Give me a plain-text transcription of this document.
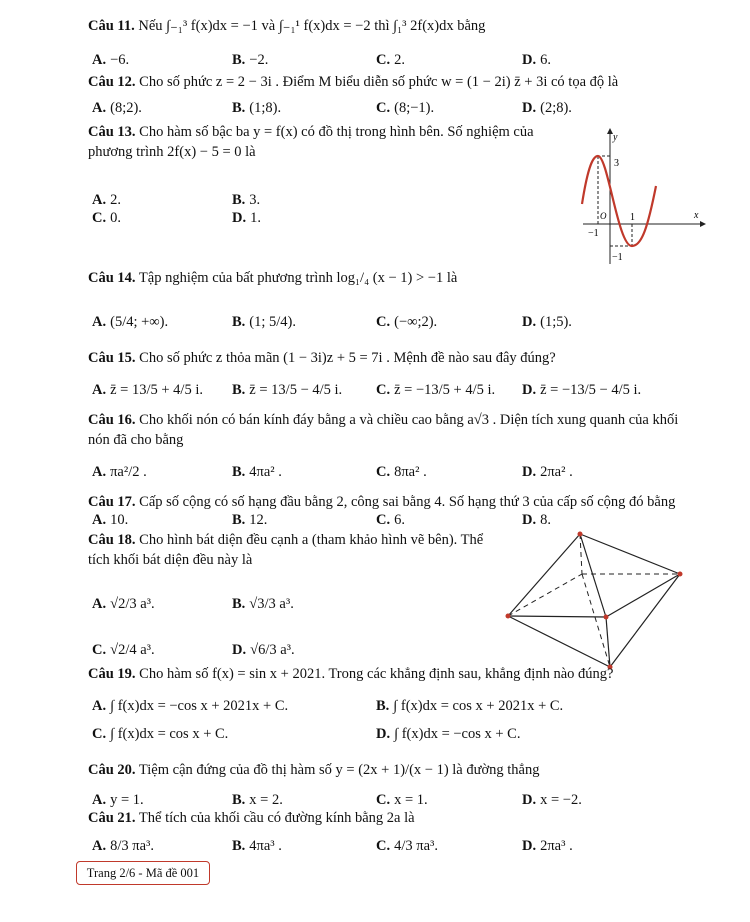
Câu 11. Nếu ∫₋₁³ f(x)dx = −1 và ∫₋₁¹ f(x)dx = −2 thì ∫₁³ 2f(x)dx bằng
A. −6.	B. −2.	C. 2.	D. 6.
Câu 12. Cho số phức z = 2 − 3i . Điểm M biểu diễn số phức w = (1 − 2i) z̄ + 3i có tọa độ là
A. (8;2).	B. (1;8).	C. (8;−1).	D. (2;8).
Câu 13. Cho hàm số bậc ba y = f(x) có đồ thị trong hình bên. Số nghiệm của phương trình 2f(x) − 5 = 0 là
A. 2.	B. 3.
C. 0.	D. 1.
y
x
O
3
1
−1
−1
Câu 14. Tập nghiệm của bất phương trình log₁/₄ (x − 1) > −1 là
A. (5/4; +∞).	B. (1; 5/4).	C. (−∞;2).	D. (1;5).
Câu 15. Cho số phức z thỏa mãn (1 − 3i)z + 5 = 7i . Mệnh đề nào sau đây đúng?
A. z̄ = 13/5 + 4/5 i. B. z̄ = 13/5 − 4/5 i. C. z̄ = −13/5 + 4/5 i. D. z̄ = −13/5 − 4/5 i.
Câu 16. Cho khối nón có bán kính đáy bằng a và chiều cao bằng a√3 . Diện tích xung quanh của khối nón đã cho bằng
A. πa²/2 .	B. 4πa² .	C. 8πa² .	D. 2πa² .
Câu 17. Cấp số cộng có số hạng đầu bằng 2, công sai bằng 4. Số hạng thứ 3 của cấp số cộng đó bằng
A. 10.	B. 12.	C. 6.	D. 8.
Câu 18. Cho hình bát diện đều cạnh a (tham khảo hình vẽ bên). Thể tích khối bát diện đều này là
A. √2/3 a³.	B. √3/3 a³.
C. √2/4 a³.	D. √6/3 a³.
Câu 19. Cho hàm số f(x) = sin x + 2021. Trong các khẳng định sau, khẳng định nào đúng?
A. ∫ f(x)dx = −cos x + 2021x + C.	B. ∫ f(x)dx = cos x + 2021x + C.
C. ∫ f(x)dx = cos x + C.	D. ∫ f(x)dx = −cos x + C.
Câu 20. Tiệm cận đứng của đồ thị hàm số y = (2x + 1)/(x − 1) là đường thẳng
A. y = 1.	B. x = 2.	C. x = 1.	D. x = −2.
Câu 21. Thể tích của khối cầu có đường kính bằng 2a là
A. 8/3 πa³.	B. 4πa³ .	C. 4/3 πa³.	D. 2πa³ .
Trang 2/6 - Mã đề 001
